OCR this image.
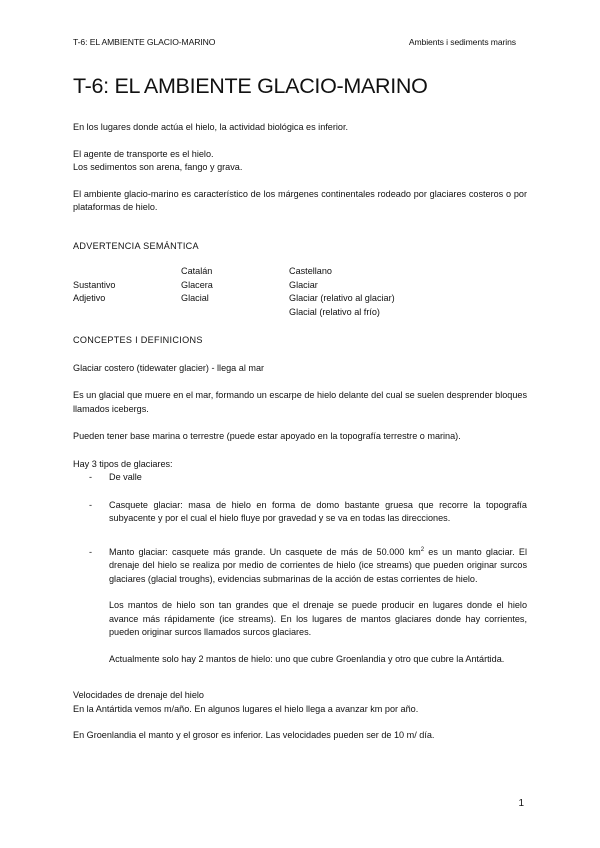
T-6: EL AMBIENTE GLACIO-MARINO	Ambients i sediments marins
T-6: EL AMBIENTE GLACIO-MARINO

En los lugares donde actúa el hielo, la actividad biológica es inferior.

El agente de transporte es el hielo.

Los sedimentos son arena, fango y grava.

El ambiente glacio-marino es característico de los márgenes continentales rodeado por glaciares costeros o por plataformas de hielo.

ADVERTENCIA SEMÁNTICA

	Catalán	Castellano
Sustantivo	Glacera	Glaciar
Adjetivo	Glacial	Glaciar (relativo al glaciar)
		Glacial (relativo al frío)

CONCEPTES I DEFINICIONS

Glaciar costero (tidewater glacier) - llega al mar

Es un glacial que muere en el mar, formando un escarpe de hielo delante del cual se suelen desprender bloques llamados icebergs.

Pueden tener base marina o terrestre (puede estar apoyado en la topografía terrestre o marina).

Hay 3 tipos de glaciares:

- De valle
- Casquete glaciar: masa de hielo en forma de domo bastante gruesa que recorre la topografía subyacente y por el cual el hielo fluye por gravedad y se va en todas las direcciones.
- Manto glaciar: casquete más grande. Un casquete de más de 50.000 $km^2$ es un manto glaciar. El drenaje del hielo se realiza por medio de corrientes de hielo (ice streams) que pueden originar surcos glaciares (glacial troughs), evidencias submarinas de la acción de estas corrientes de hielo.

Los mantos de hielo son tan grandes que el drenaje se puede producir en lugares donde el hielo avance más rápidamente (ice streams). En los lugares de mantos glaciares donde hay corrientes, pueden originar surcos llamados surcos glaciares.

Actualmente solo hay 2 mantos de hielo: uno que cubre Groenlandia y otro que cubre la Antártida.

Velocidades de drenaje del hielo

En la Antártida vemos m/año. En algunos lugares el hielo llega a avanzar km por año.

En Groenlandia el manto y el grosor es inferior. Las velocidades pueden ser de 10 m/ día.

1
